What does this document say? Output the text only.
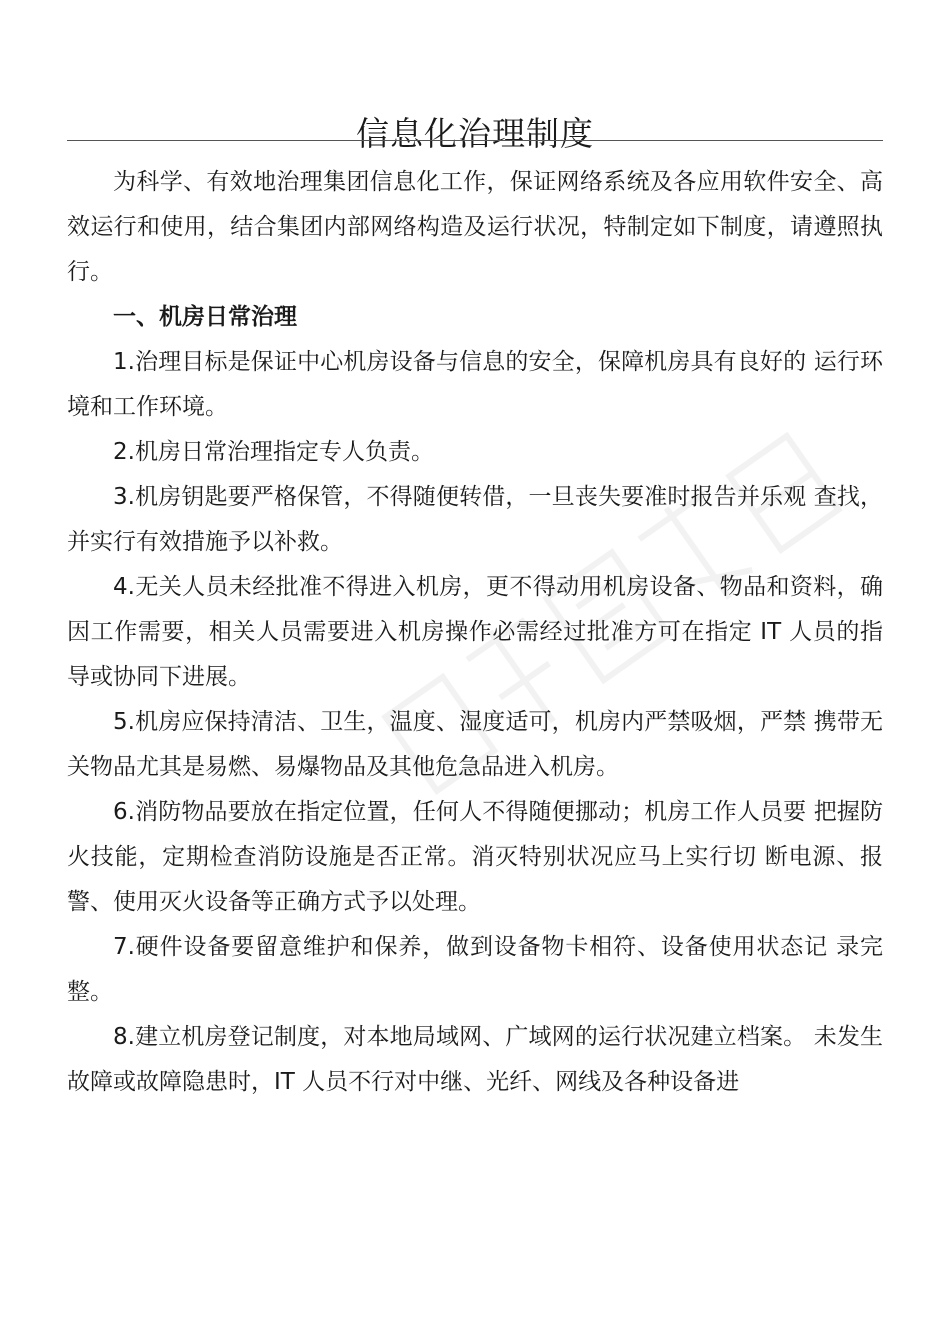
信息化治理制度

为科学、有效地治理集团信息化工作，保证网络系统及各应用软件安全、高效运行和使用，结合集团内部网络构造及运行状况，特制定如下制度，请遵照执行。

一、机房日常治理

1.治理目标是保证中心机房设备与信息的安全，保障机房具有良好的 运行环境和工作环境。

2.机房日常治理指定专人负责。

3.机房钥匙要严格保管，不得随便转借，一旦丧失要准时报告并乐观 查找，并实行有效措施予以补救。

4.无关人员未经批准不得进入机房，更不得动用机房设备、物品和资料，确因工作需要，相关人员需要进入机房操作必需经过批准方可在指定 IT 人员的指导或协同下进展。

5.机房应保持清洁、卫生，温度、湿度适可，机房内严禁吸烟，严禁 携带无关物品尤其是易燃、易爆物品及其他危急品进入机房。

6.消防物品要放在指定位置，任何人不得随便挪动；机房工作人员要 把握防火技能，定期检查消防设施是否正常。消灭特别状况应马上实行切 断电源、报警、使用灭火设备等正确方式予以处理。

7.硬件设备要留意维护和保养，做到设备物卡相符、设备使用状态记 录完整。

8.建立机房登记制度，对本地局域网、广域网的运行状况建立档案。 未发生故障或故障隐患时，IT 人员不行对中继、光纤、网线及各种设备进
